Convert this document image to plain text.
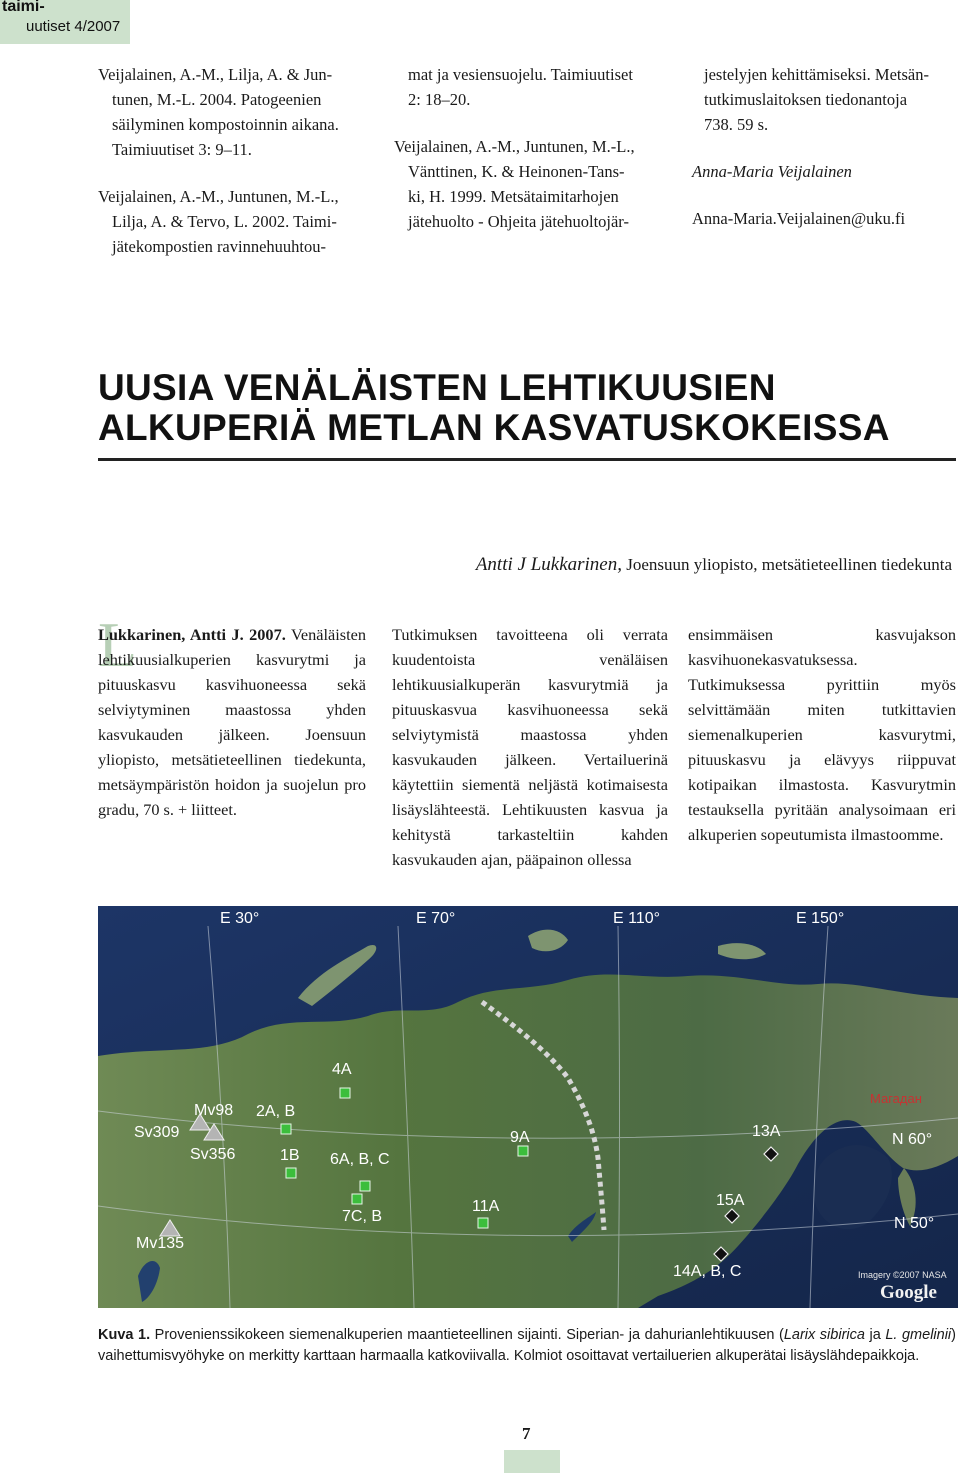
taimi-
uutiset 4/2007

Veijalainen, A.-M., Lilja, A. & Jun-

tunen, M.-L. 2004. Patogeenien

säilyminen kompostoinnin aikana.

Taimiuutiset 3: 9–11.

Veijalainen, A.-M., Juntunen, M.-L.,

Lilja, A. & Tervo, L. 2002. Taimi-

jätekompostien ravinnehuuhtou-

mat ja vesiensuojelu. Taimiuutiset

2: 18–20.

Veijalainen, A.-M., Juntunen, M.-L.,

Vänttinen, K. & Heinonen-Tans-

ki, H. 1999. Metsätaimitarhojen

jätehuolto - Ohjeita jätehuoltojär-

jestelyjen kehittämiseksi. Metsän-

tutkimuslaitoksen tiedonantoja

738. 59 s.

Anna-Maria Veijalainen

Anna-Maria.Veijalainen@uku.fi

UUSIA VENÄLÄISTEN LEHTIKUUSIEN
ALKUPERIÄ METLAN KASVATUSKOKEISSA
Antti J Lukkarinen, Joensuun yliopisto, metsätieteellinen tiedekunta
L
Lukkarinen, Antti J. 2007. Venäläisten lehtikuusialkuperien kasvurytmi ja pituuskasvu kasvihuoneessa sekä selviytyminen maastossa yhden kasvukauden jälkeen. Joensuun yliopisto, metsätieteellinen tiedekunta, metsäympäristön hoidon ja suojelun pro gradu, 70 s. + liitteet.
Tutkimuksen tavoitteena oli verrata kuudentoista venäläisen lehtikuusialkuperän kasvurytmiä ja pituuskasvua kasvihuoneessa sekä selviytymistä maastossa yhden kasvukauden jälkeen. Vertailuerinä käytettiin siementä neljästä kotimaisesta lisäyslähteestä. Lehtikuusten kasvua ja kehitystä tarkasteltiin kahden kasvukauden ajan, pääpainon ollessa
ensimmäisen kasvujakson kasvihuonekasvatuksessa. Tutkimuksessa pyrittiin myös selvittämään miten tutkittavien siemenalkuperien kasvurytmi, pituuskasvu ja elävyys riippuvat kotipaikan ilmastosta. Kasvurytmin testauksella pyritään analysoimaan eri alkuperien sopeutumista ilmastoomme.
E 30°	E 70°	E 110°	E 150°
N 60°
N 50°
Магадан
Sv309
Mv98
Sv356
Mv135
2A, B
4A
1B 6A, B, C
7C, B
9A
11A
13A
15A
14A, B, C	Imagery ©2007 NASA
Google
Kuva 1. Provenienssikokeen siemenalkuperien maantieteellinen sijainti. Siperian- ja dahurianlehtikuusen (Larix sibirica ja L. gmelinii) vaihettumisvyöhyke on merkitty karttaan harmaalla katkoviivalla. Kolmiot osoittavat vertailuerien alkuperätai lisäyslähdepaikkoja.
7
